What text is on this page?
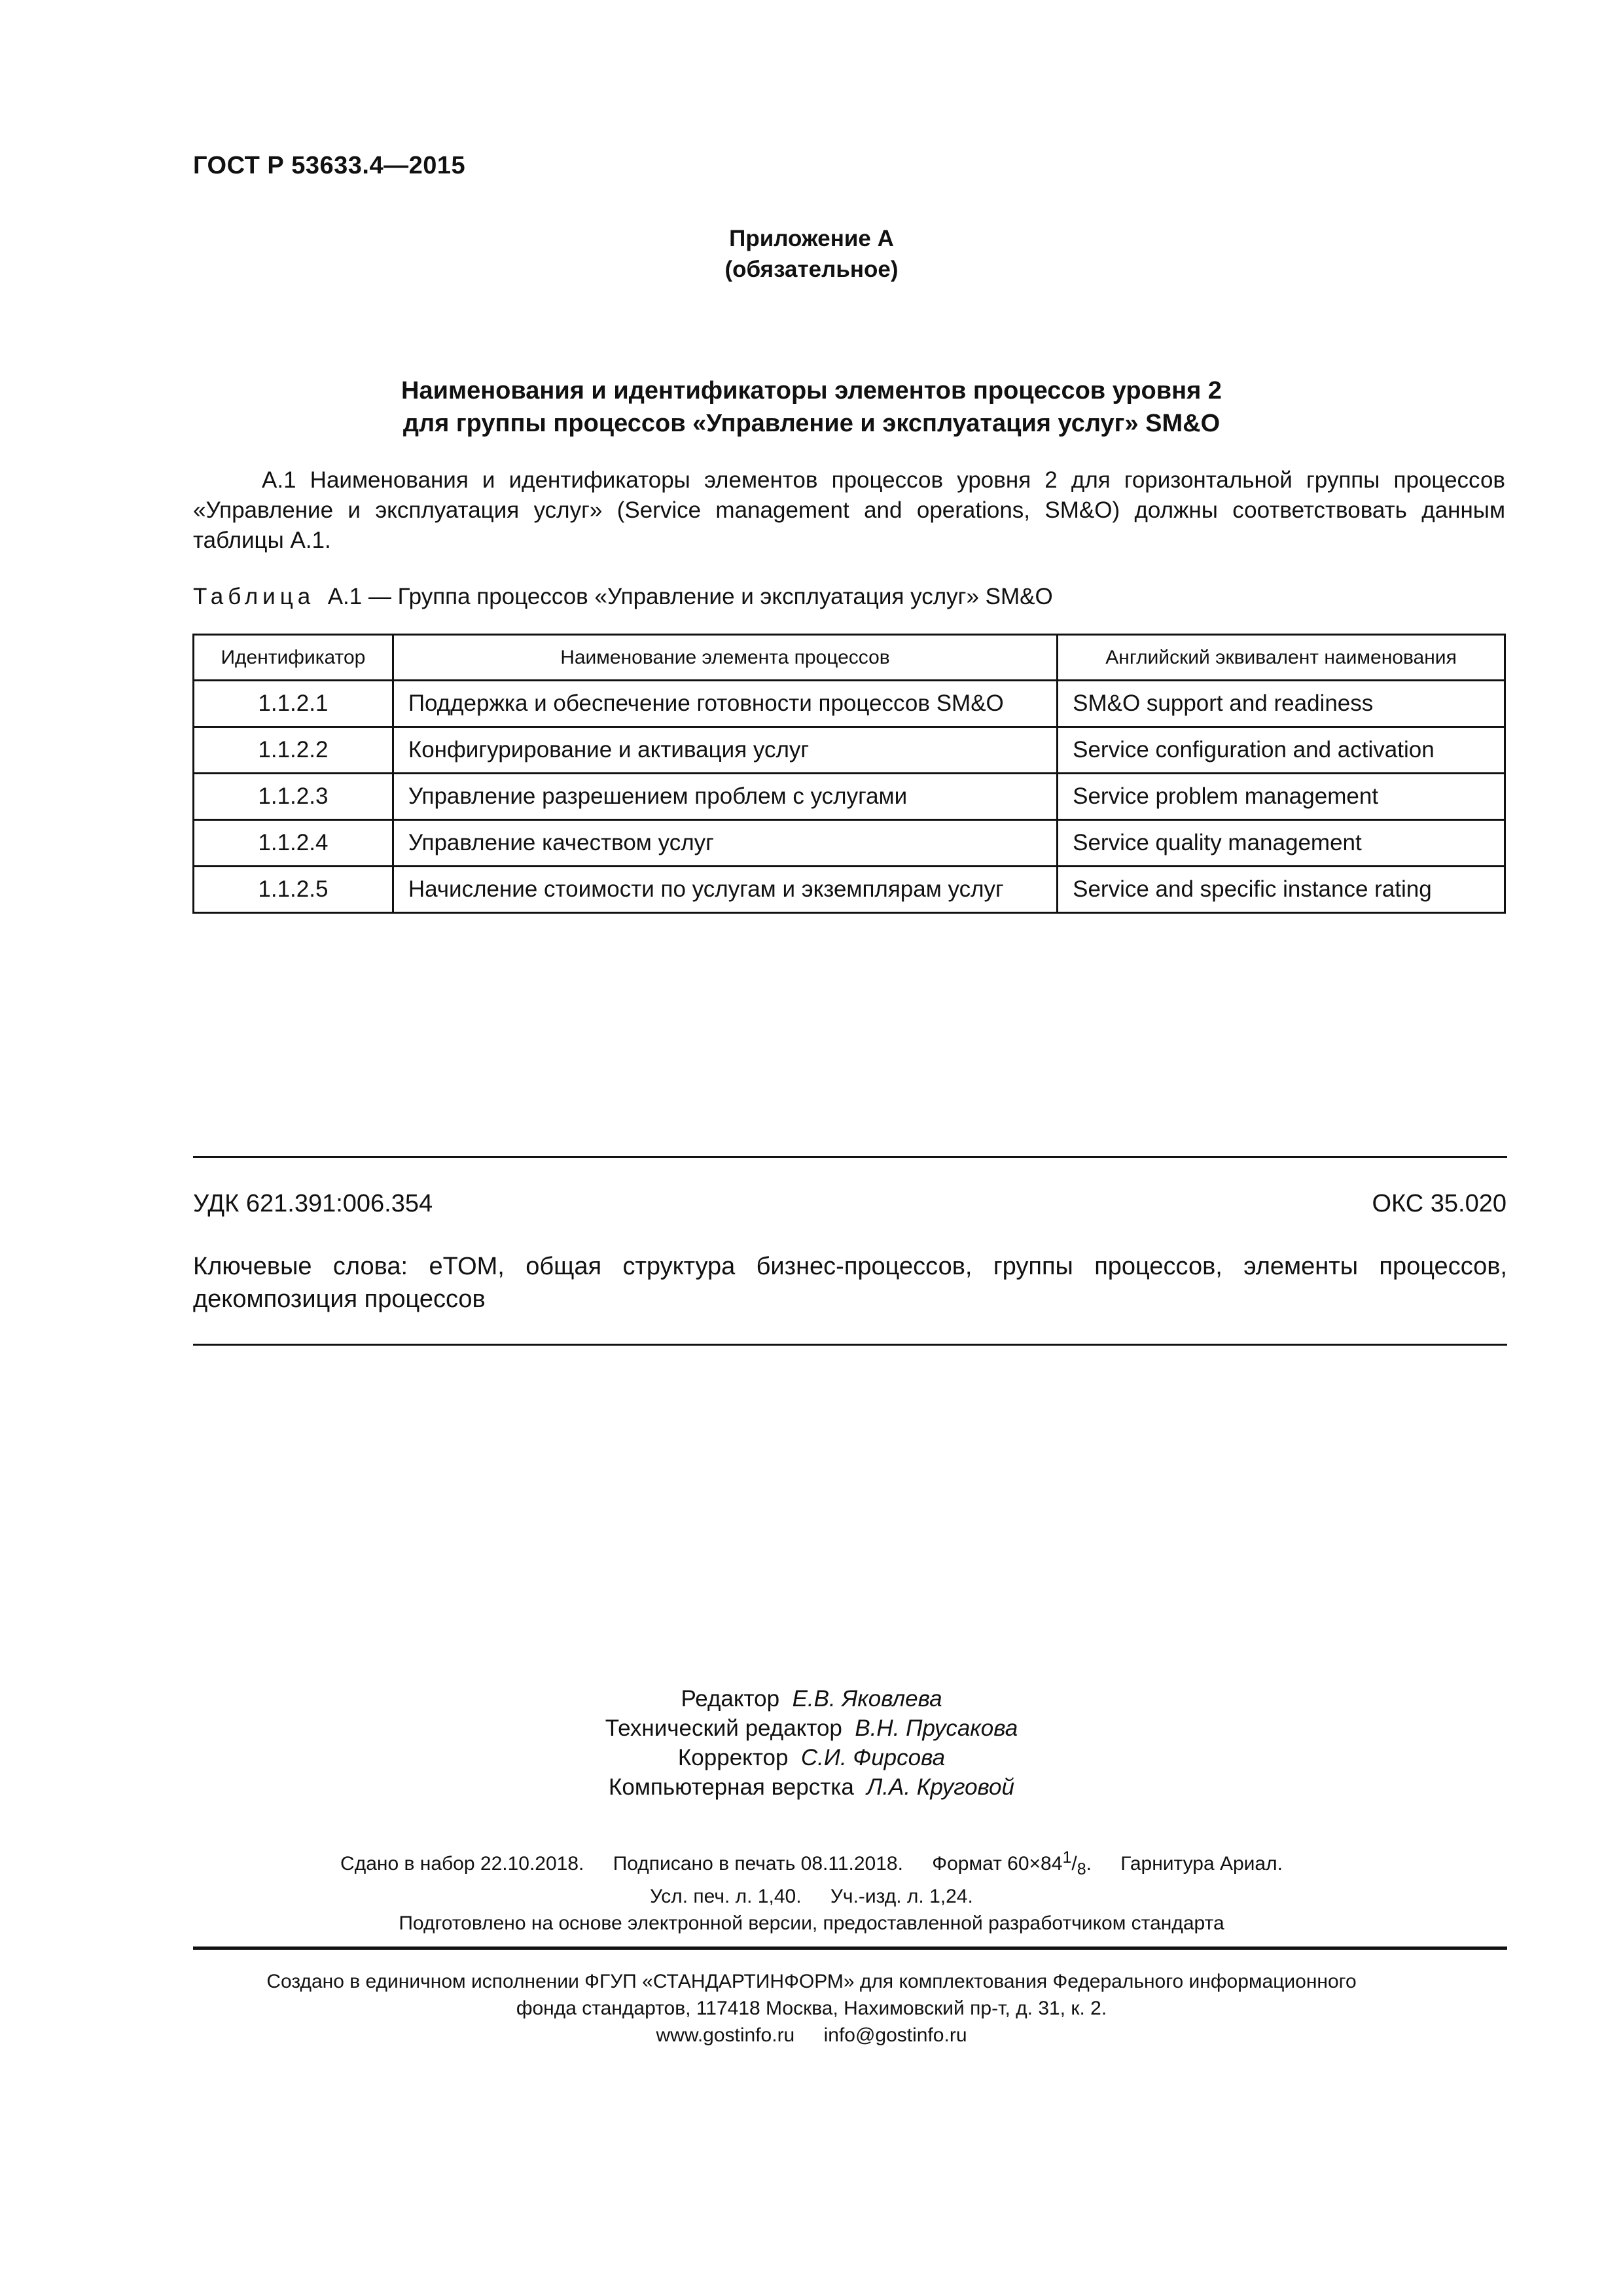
ГОСТ Р 53633.4—2015
Приложение А
(обязательное)
Наименования и идентификаторы элементов процессов уровня 2
для группы процессов «Управление и эксплуатация услуг» SM&O
А.1 Наименования и идентификаторы элементов процессов уровня 2 для горизонтальной группы процессов «Управление и эксплуатация услуг» (Service management and operations, SM&O) должны соответствовать данным таблицы А.1.
Таблица А.1 — Группа процессов «Управление и эксплуатация услуг» SM&O
Идентификатор	Наименование элемента процессов	Английский эквивалент наименования
1.1.2.1	Поддержка и обеспечение готовности процессов SM&O	SM&O support and readiness
1.1.2.2	Конфигурирование и активация услуг	Service configuration and activation
1.1.2.3	Управление разрешением проблем с услугами	Service problem management
1.1.2.4	Управление качеством услуг	Service quality management
1.1.2.5	Начисление стоимости по услугам и экземплярам услуг	Service and specific instance rating
УДК 621.391:006.354	ОКС 35.020
Ключевые слова: eTOM, общая структура бизнес-процессов, группы процессов, элементы процессов, декомпозиция процессов
Редактор Е.В. Яковлева
Технический редактор В.Н. Прусакова
Корректор С.И. Фирсова
Компьютерная верстка Л.А. Круговой
Сдано в набор 22.10.2018. Подписано в печать 08.11.2018. Формат $60\times 84^1/_8$. Гарнитура Ариал.
Усл. печ. л. 1,40. Уч.-изд. л. 1,24.
Подготовлено на основе электронной версии, предоставленной разработчиком стандарта
Создано в единичном исполнении ФГУП «СТАНДАРТИНФОРМ» для комплектования Федерального информационного
фонда стандартов, 117418 Москва, Нахимовский пр-т, д. 31, к. 2.
www.gostinfo.ru info@gostinfo.ru
